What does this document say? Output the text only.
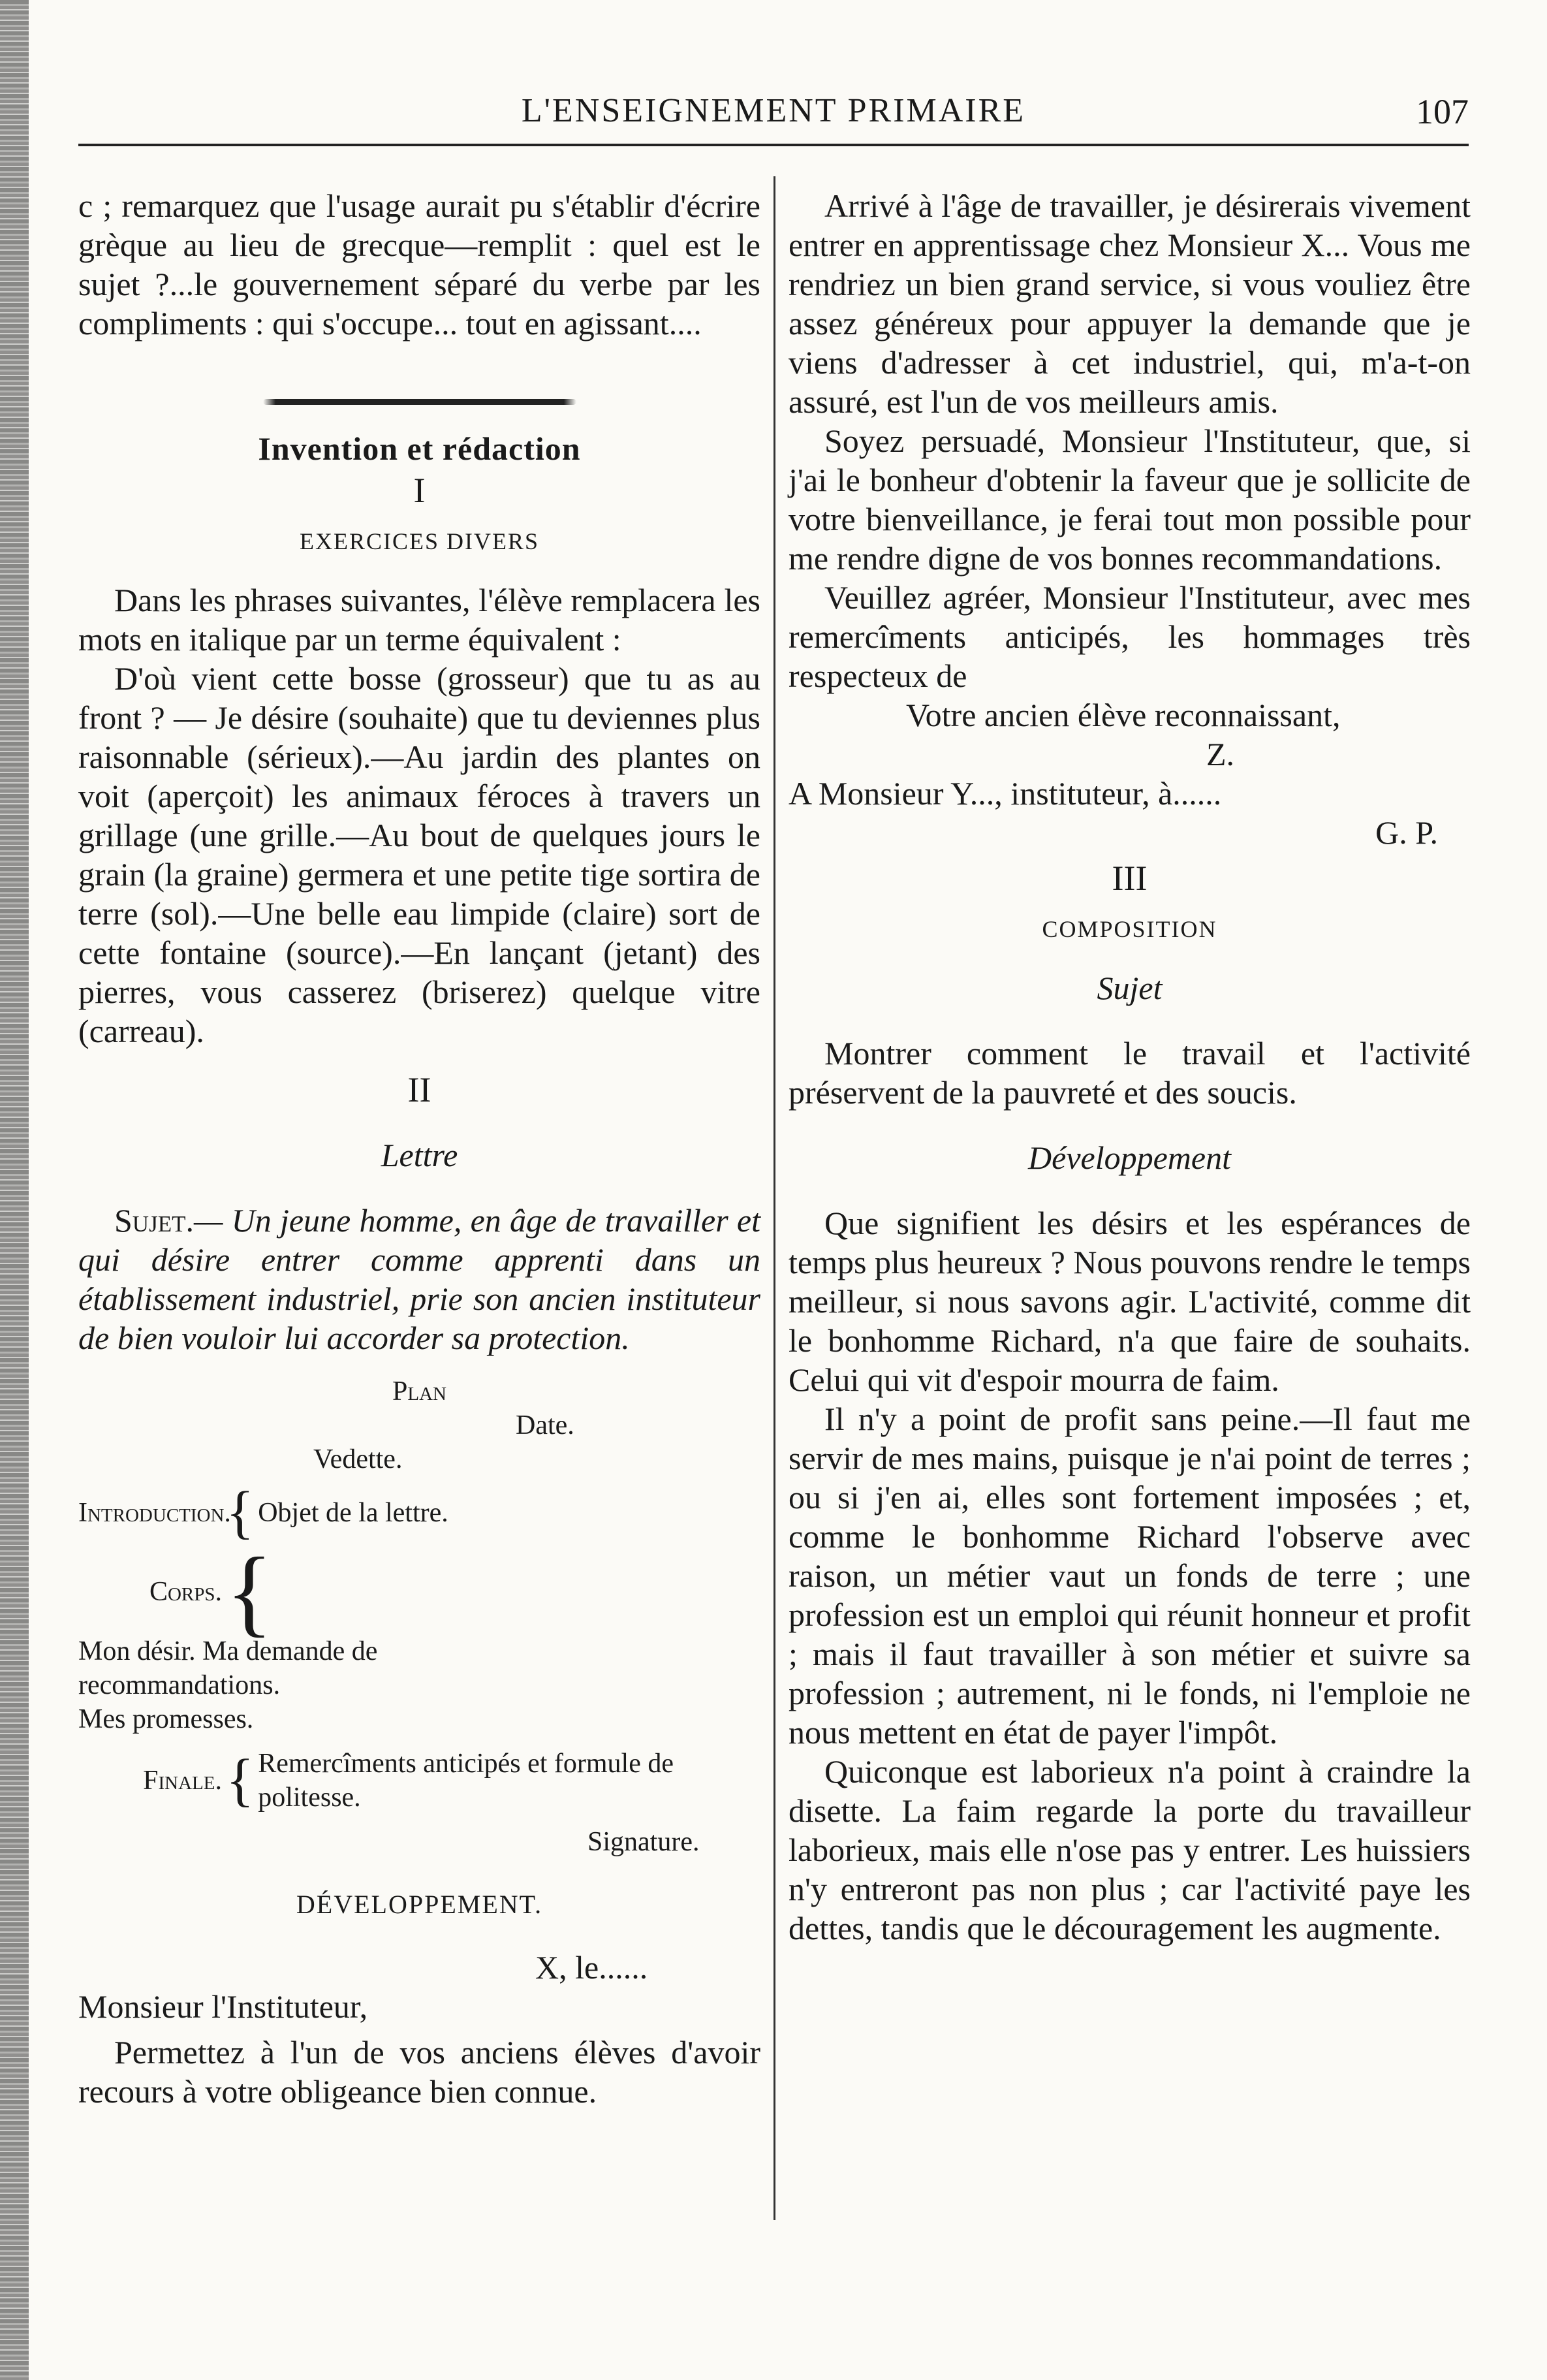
L'ENSEIGNEMENT PRIMAIRE	107

c ; remarquez que l'usage aurait pu s'établir d'écrire grèque au lieu de grecque—remplit : quel est le sujet ?...le gouvernement séparé du verbe par les compliments : qui s'occupe... tout en agissant....

Invention et rédaction
I
EXERCICES DIVERS

Dans les phrases suivantes, l'élève remplacera les mots en italique par un terme équivalent :

D'où vient cette bosse (grosseur) que tu as au front ? — Je désire (souhaite) que tu deviennes plus raisonnable (sérieux).—Au jardin des plantes on voit (aperçoit) les animaux féroces à travers un grillage (une grille.—Au bout de quelques jours le grain (la graine) germera et une petite tige sortira de terre (sol).—Une belle eau limpide (claire) sort de cette fontaine (source).—En lançant (jetant) des pierres, vous casserez (briserez) quelque vitre (carreau).

II
Lettre

Sujet.— Un jeune homme, en âge de travailler et qui désire entrer comme apprenti dans un établissement industriel, prie son ancien instituteur de bien vouloir lui accorder sa protection.

Plan
Date.
Vedette.
Introduction.{ Objet de la lettre.
Corps.{
Mon désir. Ma demande de recommandations.
Mes promesses.
Finale.{ Remercîments anticipés et formule de politesse.
Signature.
DÉVELOPPEMENT.
X, le......
Monsieur l'Instituteur,

Permettez à l'un de vos anciens élèves d'avoir recours à votre obligeance bien connue.

Arrivé à l'âge de travailler, je désirerais vivement entrer en apprentissage chez Monsieur X... Vous me rendriez un bien grand service, si vous vouliez être assez généreux pour appuyer la demande que je viens d'adresser à cet industriel, qui, m'a-t-on assuré, est l'un de vos meilleurs amis.

Soyez persuadé, Monsieur l'Instituteur, que, si j'ai le bonheur d'obtenir la faveur que je sollicite de votre bienveillance, je ferai tout mon possible pour me rendre digne de vos bonnes recommandations.

Veuillez agréer, Monsieur l'Instituteur, avec mes remercîments anticipés, les hommages très respecteux de

Votre ancien élève reconnaissant,
Z.
A Monsieur Y..., instituteur, à......
G. P.
III
COMPOSITION
Sujet

Montrer comment le travail et l'activité préservent de la pauvreté et des soucis.

Développement

Que signifient les désirs et les espérances de temps plus heureux ? Nous pouvons rendre le temps meilleur, si nous savons agir. L'activité, comme dit le bonhomme Richard, n'a que faire de souhaits. Celui qui vit d'espoir mourra de faim.

Il n'y a point de profit sans peine.—Il faut me servir de mes mains, puisque je n'ai point de terres ; ou si j'en ai, elles sont fortement imposées ; et, comme le bonhomme Richard l'observe avec raison, un métier vaut un fonds de terre ; une profession est un emploi qui réunit honneur et profit ; mais il faut travailler à son métier et suivre sa profession ; autrement, ni le fonds, ni l'emploie ne nous mettent en état de payer l'impôt.

Quiconque est laborieux n'a point à craindre la disette. La faim regarde la porte du travailleur laborieux, mais elle n'ose pas y entrer. Les huissiers n'y entreront pas non plus ; car l'activité paye les dettes, tandis que le découragement les augmente.
